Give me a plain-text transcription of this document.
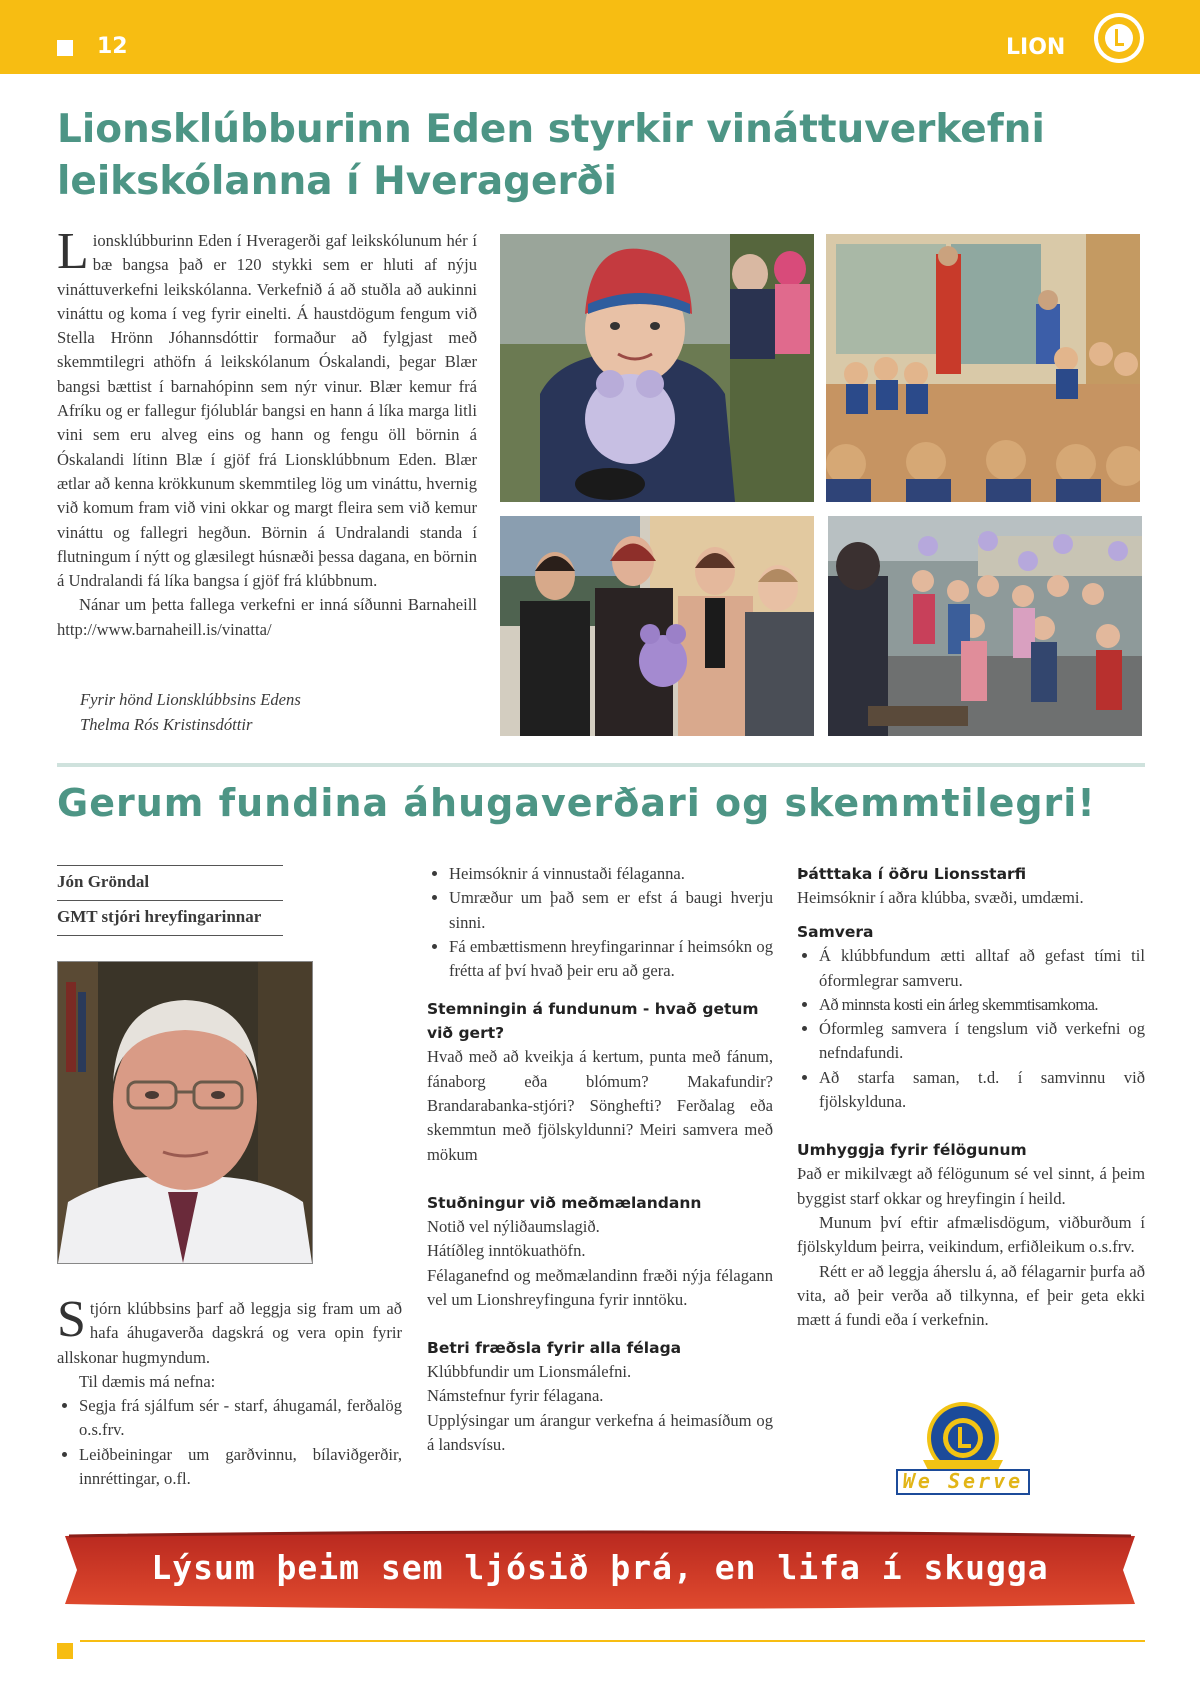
12	LION
Lionsklúbburinn Eden styrkir vináttuverkefni leikskólanna í Hveragerði

Lionsklúbburinn Eden í Hveragerði gaf leikskólunum hér í bæ bangsa það er 120 stykki sem er hluti af nýju vináttuverkefni leikskólanna. Verkefnið á að stuðla að aukinni vináttu og koma í veg fyrir einelti. Á haustdögum fengum við Stella Hrönn Jóhannsdóttir formaður að fylgjast með skemmtilegri athöfn á leikskólanum Óskalandi, þegar Blær bangsi bættist í barnahópinn sem nýr vinur. Blær kemur frá Afríku og er fallegur fjólublár bangsi en hann á líka marga litli vini sem eru alveg eins og hann og fengu öll börnin á Óskalandi lítinn Blæ í gjöf frá Lionsklúbbnum Eden. Blær ætlar að kenna krökkunum skemmtileg lög um vináttu, hvernig við komum fram við vini okkar og margt fleira sem við kemur vináttu og fallegri hegðun. Börnin á Undralandi standa í flutningum í nýtt og glæsilegt húsnæði þessa dagana, en börnin á Undralandi fá líka bangsa í gjöf frá klúbbnum.

Nánar um þetta fallega verkefni er inná síðunni Barnaheill http://www.barnaheill.is/vinatta/

Fyrir hönd Lionsklúbbsins Edens
Thelma Rós Kristinsdóttir
Gerum fundina áhugaverðari og skemmtilegri!
Jón Gröndal
GMT stjóri hreyfingarinnar

Stjórn klúbbsins þarf að leggja sig fram um að hafa áhugaverða dagskrá og vera opin fyrir allskonar hugmyndum.

Til dæmis má nefna:

• Segja frá sjálfum sér - starf, áhugamál, ferðalög o.s.frv.
• Leiðbeiningar um garðvinnu, bílaviðgerðir, innréttingar, o.fl.
• Heimsóknir á vinnustaði félaganna.
• Umræður um það sem er efst á baugi hverju sinni.
• Fá embættismenn hreyfingarinnar í heimsókn og frétta af því hvað þeir eru að gera.
Stemningin á fundunum - hvað getum við gert?
Hvað með að kveikja á kertum, punta með fánum, fánaborg eða blómum? Makafundir? Brandarabanka-stjóri? Sönghefti? Ferðalag eða skemmtun með fjölskyldunni? Meiri samvera með mökum
Stuðningur við meðmælandann
Notið vel nýliðaumslagið.
Hátíðleg inntökuathöfn.
Félaganefnd og meðmælandinn fræði nýja félagann vel um Lionshreyfinguna fyrir inntöku.
Betri fræðsla fyrir alla félaga
Klúbbfundir um Lionsmálefni.
Námstefnur fyrir félagana.
Upplýsingar um árangur verkefna á heimasíðum og á landsvísu.
Þátttaka í öðru Lionsstarfi
Heimsóknir í aðra klúbba, svæði, umdæmi.
Samvera
• Á klúbbfundum ætti alltaf að gefast tími til óformlegrar samveru.
• Að minnsta kosti ein árleg skemmtisamkoma.
• Óformleg samvera í tengslum við verkefni og nefndafundi.
• Að starfa saman, t.d. í samvinnu við fjölskylduna.
Umhyggja fyrir félögunum
Það er mikilvægt að félögunum sé vel sinnt, á þeim byggist starf okkar og hreyfingin í heild.
Munum því eftir afmælisdögum, viðburðum í fjölskyldum þeirra, veikindum, erfiðleikum o.s.frv.
Rétt er að leggja áherslu á, að félagarnir þurfa að vita, að þeir verða að tilkynna, ef þeir geta ekki mætt á fundi eða í verkefnin.
We Serve
Lýsum þeim sem ljósið þrá, en lifa í skugga
